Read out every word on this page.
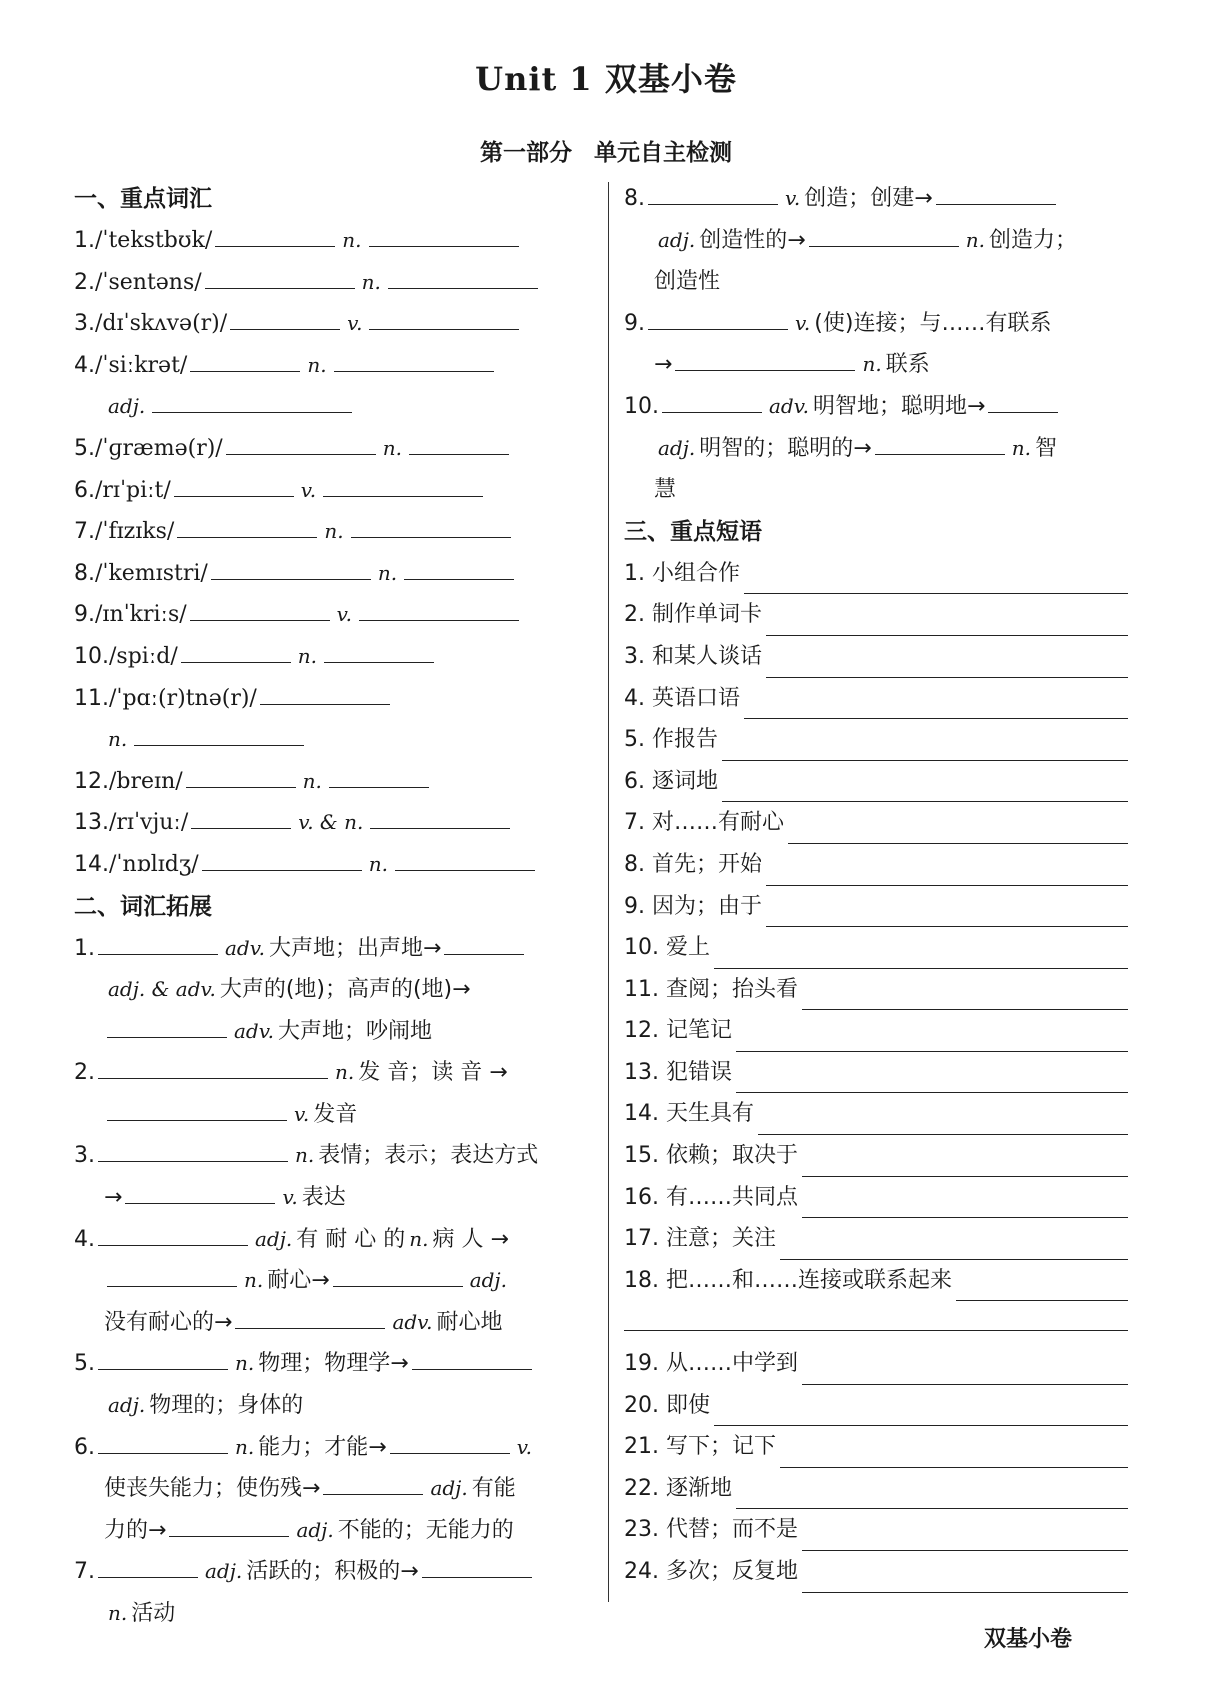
Unit 1 双基小卷
第一部分 单元自主检测
一、重点词汇
1./ˈtekstbʊk/	n.
2./ˈsentəns/	n.
3./dɪˈskʌvə(r)/	v.
4./ˈsiːkrət/	n.
adj.
5./ˈɡræmə(r)/	n.
6./rɪˈpiːt/	v.
7./ˈfɪzɪks/	n.
8./ˈkemɪstri/	n.
9./ɪnˈkriːs/	v.
10./spiːd/	n.
11./ˈpɑː(r)tnə(r)/
n.
12./breɪn/	n.
13./rɪˈvjuː/	v. & n.
14./ˈnɒlɪdʒ/	n.
二、词汇拓展
1.	adv. 大声地；出声地→
adj. & adv. 大声的(地)；高声的(地)→
adv. 大声地；吵闹地
2.	n. 发 音；读 音 →
v. 发音
3.	n. 表情；表示；表达方式
→	v. 表达
4.	adj. 有 耐 心 的 n. 病 人 →
n. 耐心→	adj.
没有耐心的→	adv. 耐心地
5.	n. 物理；物理学→
adj. 物理的；身体的
6.	n. 能力；才能→	v.
使丧失能力；使伤残→	adj. 有能
力的→	adj. 不能的；无能力的
7.	adj. 活跃的；积极的→
n. 活动
8.	v. 创造；创建→
adj. 创造性的→	n. 创造力；
创造性
9.	v. (使)连接；与……有联系
→	n. 联系
10.	adv. 明智地；聪明地→
adj. 明智的；聪明的→	n. 智
慧
三、重点短语
1. 小组合作
2. 制作单词卡
3. 和某人谈话
4. 英语口语
5. 作报告
6. 逐词地
7. 对……有耐心
8. 首先；开始
9. 因为；由于
10. 爱上
11. 查阅；抬头看
12. 记笔记
13. 犯错误
14. 天生具有
15. 依赖；取决于
16. 有……共同点
17. 注意；关注
18. 把……和……连接或联系起来
19. 从……中学到
20. 即使
21. 写下；记下
22. 逐渐地
23. 代替；而不是
24. 多次；反复地
双基小卷
